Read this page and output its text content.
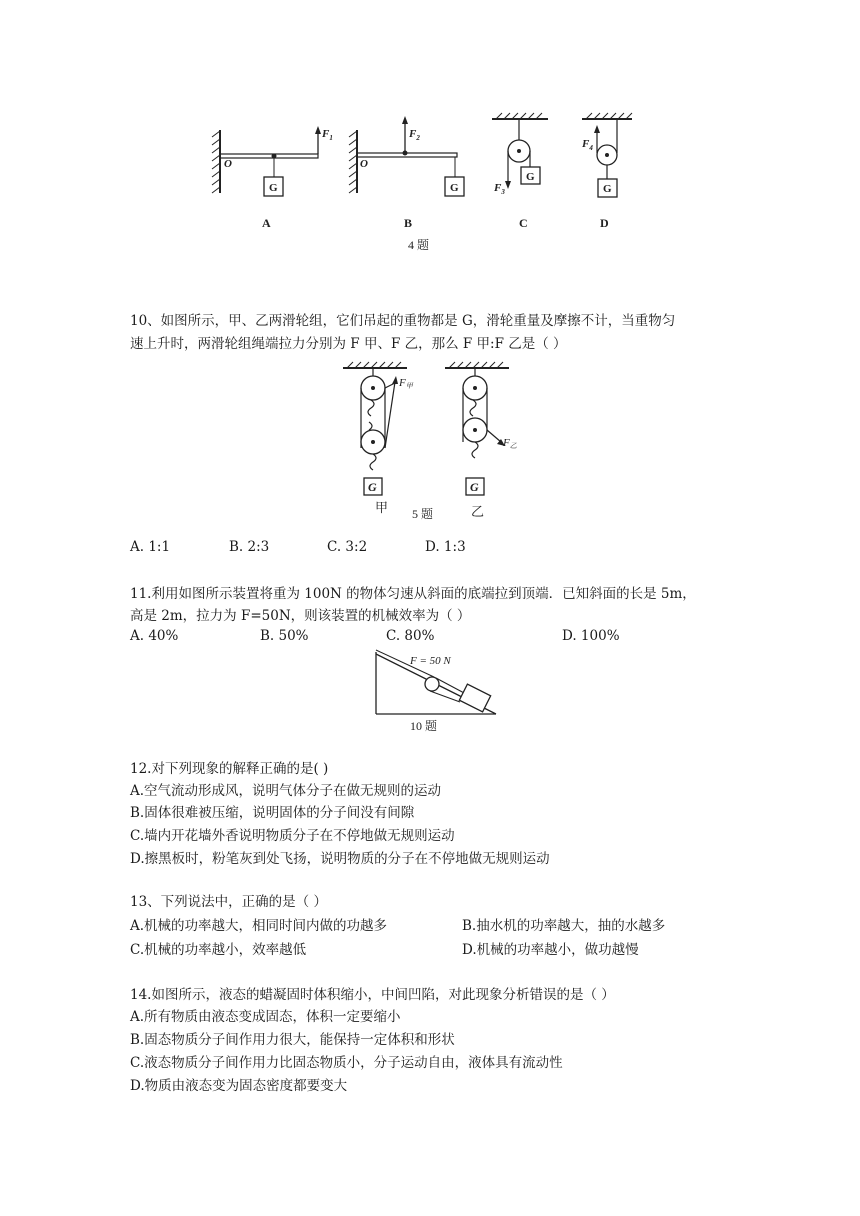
G
$F_1$
O
A
$F_2$
G
O
B
G
$F_3$
C
G
$F_4$
D
4 题
10、如图所示，甲、乙两滑轮组，它们吊起的重物都是 G，滑轮重量及摩擦不计，当重物匀
速上升时，两滑轮组绳端拉力分别为 F 甲、F 乙，那么 F 甲:F 乙是（ ）
G
F甲
甲
F乙
G
乙
5 题
A. 1:1	B. 2:3	C. 3:2	D. 1:3
11.利用如图所示装置将重为 100N 的物体匀速从斜面的底端拉到顶端．已知斜面的长是 5m，
高是 2m，拉力为 F=50N，则该装置的机械效率为（ ）
A. 40%	B. 50%	C. 80%	D. 100%
F = 50 N
10 题
12.对下列现象的解释正确的是( )
A.空气流动形成风，说明气体分子在做无规则的运动
B.固体很难被压缩，说明固体的分子间没有间隙
C.墙内开花墙外香说明物质分子在不停地做无规则运动
D.擦黑板时，粉笔灰到处飞扬，说明物质的分子在不停地做无规则运动
13、下列说法中，正确的是（ ）
A.机械的功率越大，相同时间内做的功越多	B.抽水机的功率越大，抽的水越多
C.机械的功率越小，效率越低	D.机械的功率越小，做功越慢
14.如图所示，液态的蜡凝固时体积缩小，中间凹陷，对此现象分析错误的是（ ）
A.所有物质由液态变成固态，体积一定要缩小
B.固态物质分子间作用力很大，能保持一定体积和形状
C.液态物质分子间作用力比固态物质小，分子运动自由，液体具有流动性
D.物质由液态变为固态密度都要变大
